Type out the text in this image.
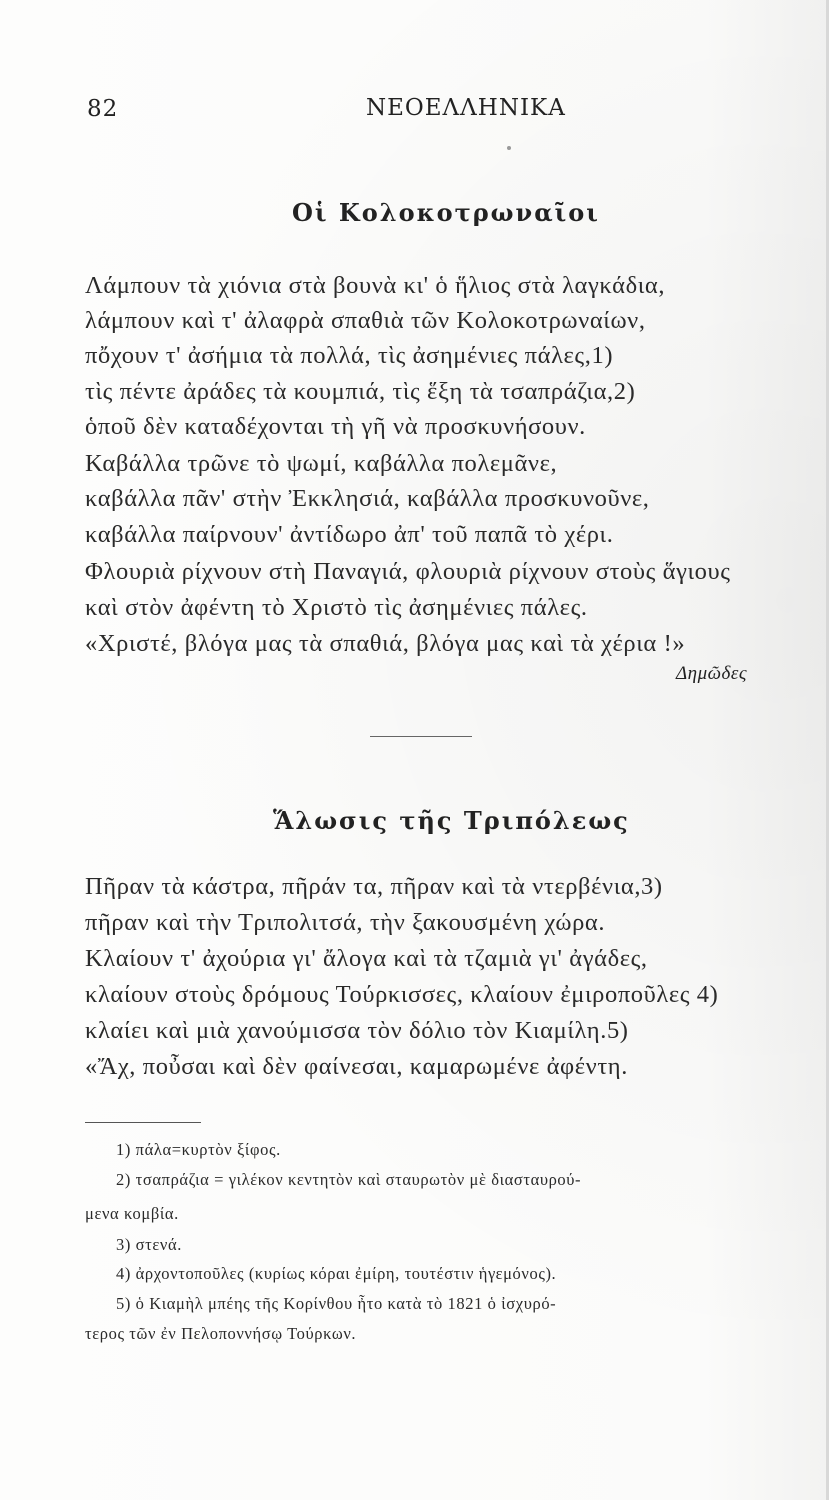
82	ΝΕΟΕΛΛΗΝΙΚΑ
Οἱ Κολοκοτρωναῖοι
Λάμπουν τὰ χιόνια στὰ βουνὰ κι' ὁ ἥλιος στὰ λαγκάδια,
λάμπουν καὶ τ' ἀλαφρὰ σπαθιὰ τῶν Κολοκοτρωναίων,
πὄχουν τ' ἀσήμια τὰ πολλά, τὶς ἀσημένιες πάλες,1)
τὶς πέντε ἀράδες τὰ κουμπιά, τὶς ἕξη τὰ τσαπράζια,2)
ὁποῦ δὲν καταδέχονται τὴ γῆ νὰ προσκυνήσουν.
Καβάλλα τρῶνε τὸ ψωμί, καβάλλα πολεμᾶνε,
καβάλλα πᾶν' στὴν Ἐκκλησιά, καβάλλα προσκυνοῦνε,
καβάλλα παίρνουν' ἀντίδωρο ἀπ' τοῦ παπᾶ τὸ χέρι.
Φλουριὰ ρίχνουν στὴ Παναγιά, φλουριὰ ρίχνουν στοὺς ἅγιους
καὶ στὸν ἀφέντη τὸ Χριστὸ τὶς ἀσημένιες πάλες.
«Χριστέ, βλόγα μας τὰ σπαθιά, βλόγα μας καὶ τὰ χέρια !»
Δημῶδες
Ἅλωσις τῆς Τριπόλεως
Πῆραν τὰ κάστρα, πῆράν τα, πῆραν καὶ τὰ ντερβένια,3)
πῆραν καὶ τὴν Τριπολιτσά, τὴν ξακουσμένη χώρα.
Κλαίουν τ' ἀχούρια γι' ἄλογα καὶ τὰ τζαμιὰ γι' ἀγάδες,
κλαίουν στοὺς δρόμους Τούρκισσες, κλαίουν ἐμιροποῦλες 4)
κλαίει καὶ μιὰ χανούμισσα τὸν δόλιο τὸν Κιαμίλη.5)
«Ἄχ, ποὖσαι καὶ δὲν φαίνεσαι, καμαρωμένε ἀφέντη.
1) πάλα=κυρτὸν ξίφος.
2) τσαπράζια = γιλέκον κεντητὸν καὶ σταυρωτὸν μὲ διασταυρού-
μενα κομβία.
3) στενά.
4) ἀρχοντοποῦλες (κυρίως κόραι ἐμίρη, τουτέστιν ἡγεμόνος).
5) ὁ Κιαμὴλ μπέης τῆς Κορίνθου ἦτο κατὰ τὸ 1821 ὁ ἰσχυρό-
τερος τῶν ἐν Πελοποννήσῳ Τούρκων.
